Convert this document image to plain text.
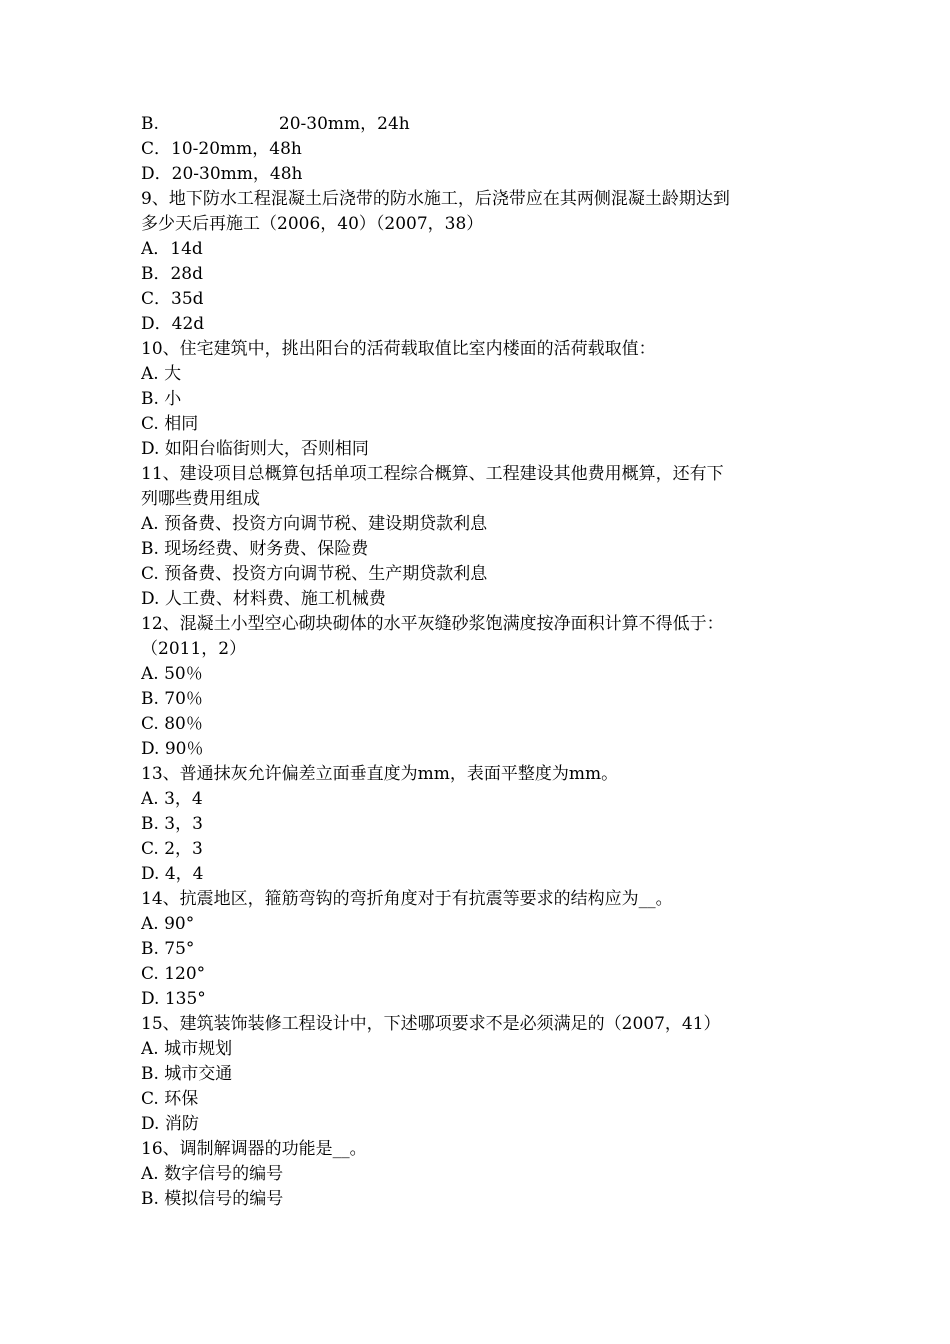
B.	20-30mm，24h
C．10-20mm，48h
D．20-30mm，48h
9、地下防水工程混凝土后浇带的防水施工，后浇带应在其两侧混凝土龄期达到
多少天后再施工（2006，40）（2007，38）
A．14d
B．28d
C．35d
D．42d
10、住宅建筑中，挑出阳台的活荷载取值比室内楼面的活荷载取值：
A. 大
B. 小
C. 相同
D. 如阳台临街则大，否则相同
11、建设项目总概算包括单项工程综合概算、工程建设其他费用概算，还有下
列哪些费用组成
A. 预备费、投资方向调节税、建设期贷款利息
B. 现场经费、财务费、保险费
C. 预备费、投资方向调节税、生产期贷款利息
D. 人工费、材料费、施工机械费
12、混凝土小型空心砌块砌体的水平灰缝砂浆饱满度按净面积计算不得低于：
（2011，2）
A. 50％
B. 70％
C. 80％
D. 90％
13、普通抹灰允许偏差立面垂直度为mm，表面平整度为mm。
A. 3，4
B. 3，3
C. 2，3
D. 4，4
14、抗震地区，箍筋弯钩的弯折角度对于有抗震等要求的结构应为__。
A. 90°
B. 75°
C. 120°
D. 135°
15、建筑装饰装修工程设计中，下述哪项要求不是必须满足的（2007，41）
A. 城市规划
B. 城市交通
C. 环保
D. 消防
16、调制解调器的功能是__。
A. 数字信号的编号
B. 模拟信号的编号
